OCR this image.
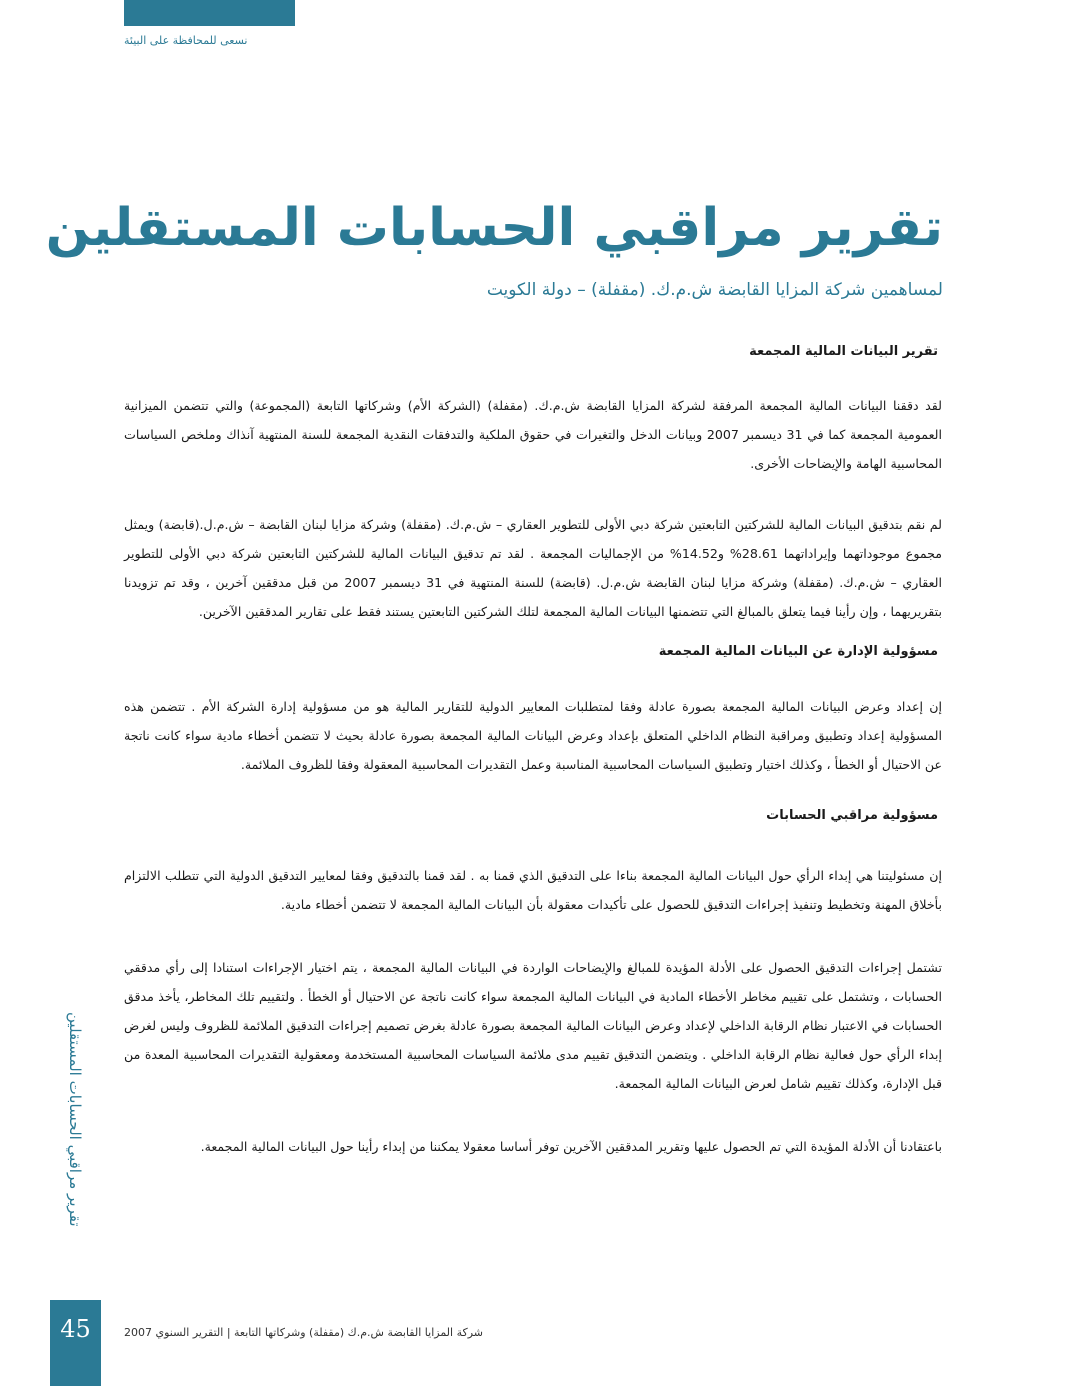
نسعى للمحافظة على البيئة
تقرير مراقبي الحسابات المستقلين

لمساهمين شركة المزايا القابضة ش.م.ك. (مقفلة) – دولة الكويت

تقرير البيانات المالية المجمعة

لقد دققنا البيانات المالية المجمعة المرفقة لشركة المزايا القابضة ش.م.ك. (مقفلة) (الشركة الأم) وشركاتها التابعة (المجموعة) والتي تتضمن الميزانية العمومية المجمعة كما في 31 ديسمبر 2007 وبيانات الدخل والتغيرات في حقوق الملكية والتدفقات النقدية المجمعة للسنة المنتهية آنذاك وملخص السياسات المحاسبية الهامة والإيضاحات الأخرى.

لم نقم بتدقيق البيانات المالية للشركتين التابعتين شركة دبي الأولى للتطوير العقاري – ش.م.ك. (مقفلة) وشركة مزايا لبنان القابضة – ش.م.ل.(قابضة) ويمثل مجموع موجوداتهما وإيراداتهما 28.61% و14.52% من الإجماليات المجمعة . لقد تم تدقيق البيانات المالية للشركتين التابعتين شركة دبي الأولى للتطوير العقاري – ش.م.ك. (مقفلة) وشركة مزايا لبنان القابضة ش.م.ل. (قابضة) للسنة المنتهية في 31 ديسمبر 2007 من قبل مدققين آخرين ، وقد تم تزويدنا بتقريريهما ، وإن رأينا فيما يتعلق بالمبالغ التي تتضمنها البيانات المالية المجمعة لتلك الشركتين التابعتين يستند فقط على تقارير المدققين الآخرين.

مسؤولية الإدارة عن البيانات المالية المجمعة

إن إعداد وعرض البيانات المالية المجمعة بصورة عادلة وفقا لمتطلبات المعايير الدولية للتقارير المالية هو من مسؤولية إدارة الشركة الأم . تتضمن هذه المسؤولية إعداد وتطبيق ومراقبة النظام الداخلي المتعلق بإعداد وعرض البيانات المالية المجمعة بصورة عادلة بحيث لا تتضمن أخطاء مادية سواء كانت ناتجة عن الاحتيال أو الخطأ ، وكذلك اختيار وتطبيق السياسات المحاسبية المناسبة وعمل التقديرات المحاسبية المعقولة وفقا للظروف الملائمة.

مسؤولية مراقبي الحسابات

إن مسئوليتنا هي إبداء الرأي حول البيانات المالية المجمعة بناءا على التدقيق الذي قمنا به . لقد قمنا بالتدقيق وفقا لمعايير التدقيق الدولية التي تتطلب الالتزام بأخلاق المهنة وتخطيط وتنفيذ إجراءات التدقيق للحصول على تأكيدات معقولة بأن البيانات المالية المجمعة لا تتضمن أخطاء مادية.

تشتمل إجراءات التدقيق الحصول على الأدلة المؤيدة للمبالغ والإيضاحات الواردة في البيانات المالية المجمعة ، يتم اختيار الإجراءات استنادا إلى رأي مدققي الحسابات ، وتشتمل على تقييم مخاطر الأخطاء المادية في البيانات المالية المجمعة سواء كانت ناتجة عن الاحتيال أو الخطأ . ولتقييم تلك المخاطر، يأخذ مدقق الحسابات في الاعتبار نظام الرقابة الداخلي لإعداد وعرض البيانات المالية المجمعة بصورة عادلة بغرض تصميم إجراءات التدقيق الملائمة للظروف وليس لغرض إبداء الرأي حول فعالية نظام الرقابة الداخلي . ويتضمن التدقيق تقييم مدى ملائمة السياسات المحاسبية المستخدمة ومعقولية التقديرات المحاسبية المعدة من قبل الإدارة، وكذلك تقييم شامل لعرض البيانات المالية المجمعة.

باعتقادنا أن الأدلة المؤيدة التي تم الحصول عليها وتقرير المدققين الآخرين توفر أساسا معقولا يمكننا من إبداء رأينا حول البيانات المالية المجمعة.

تقرير مراقبي الحسابات المستقلين
45	شركة المزايا القابضة ش.م.ك (مقفلة) وشركاتها التابعة | التقرير السنوي 2007
